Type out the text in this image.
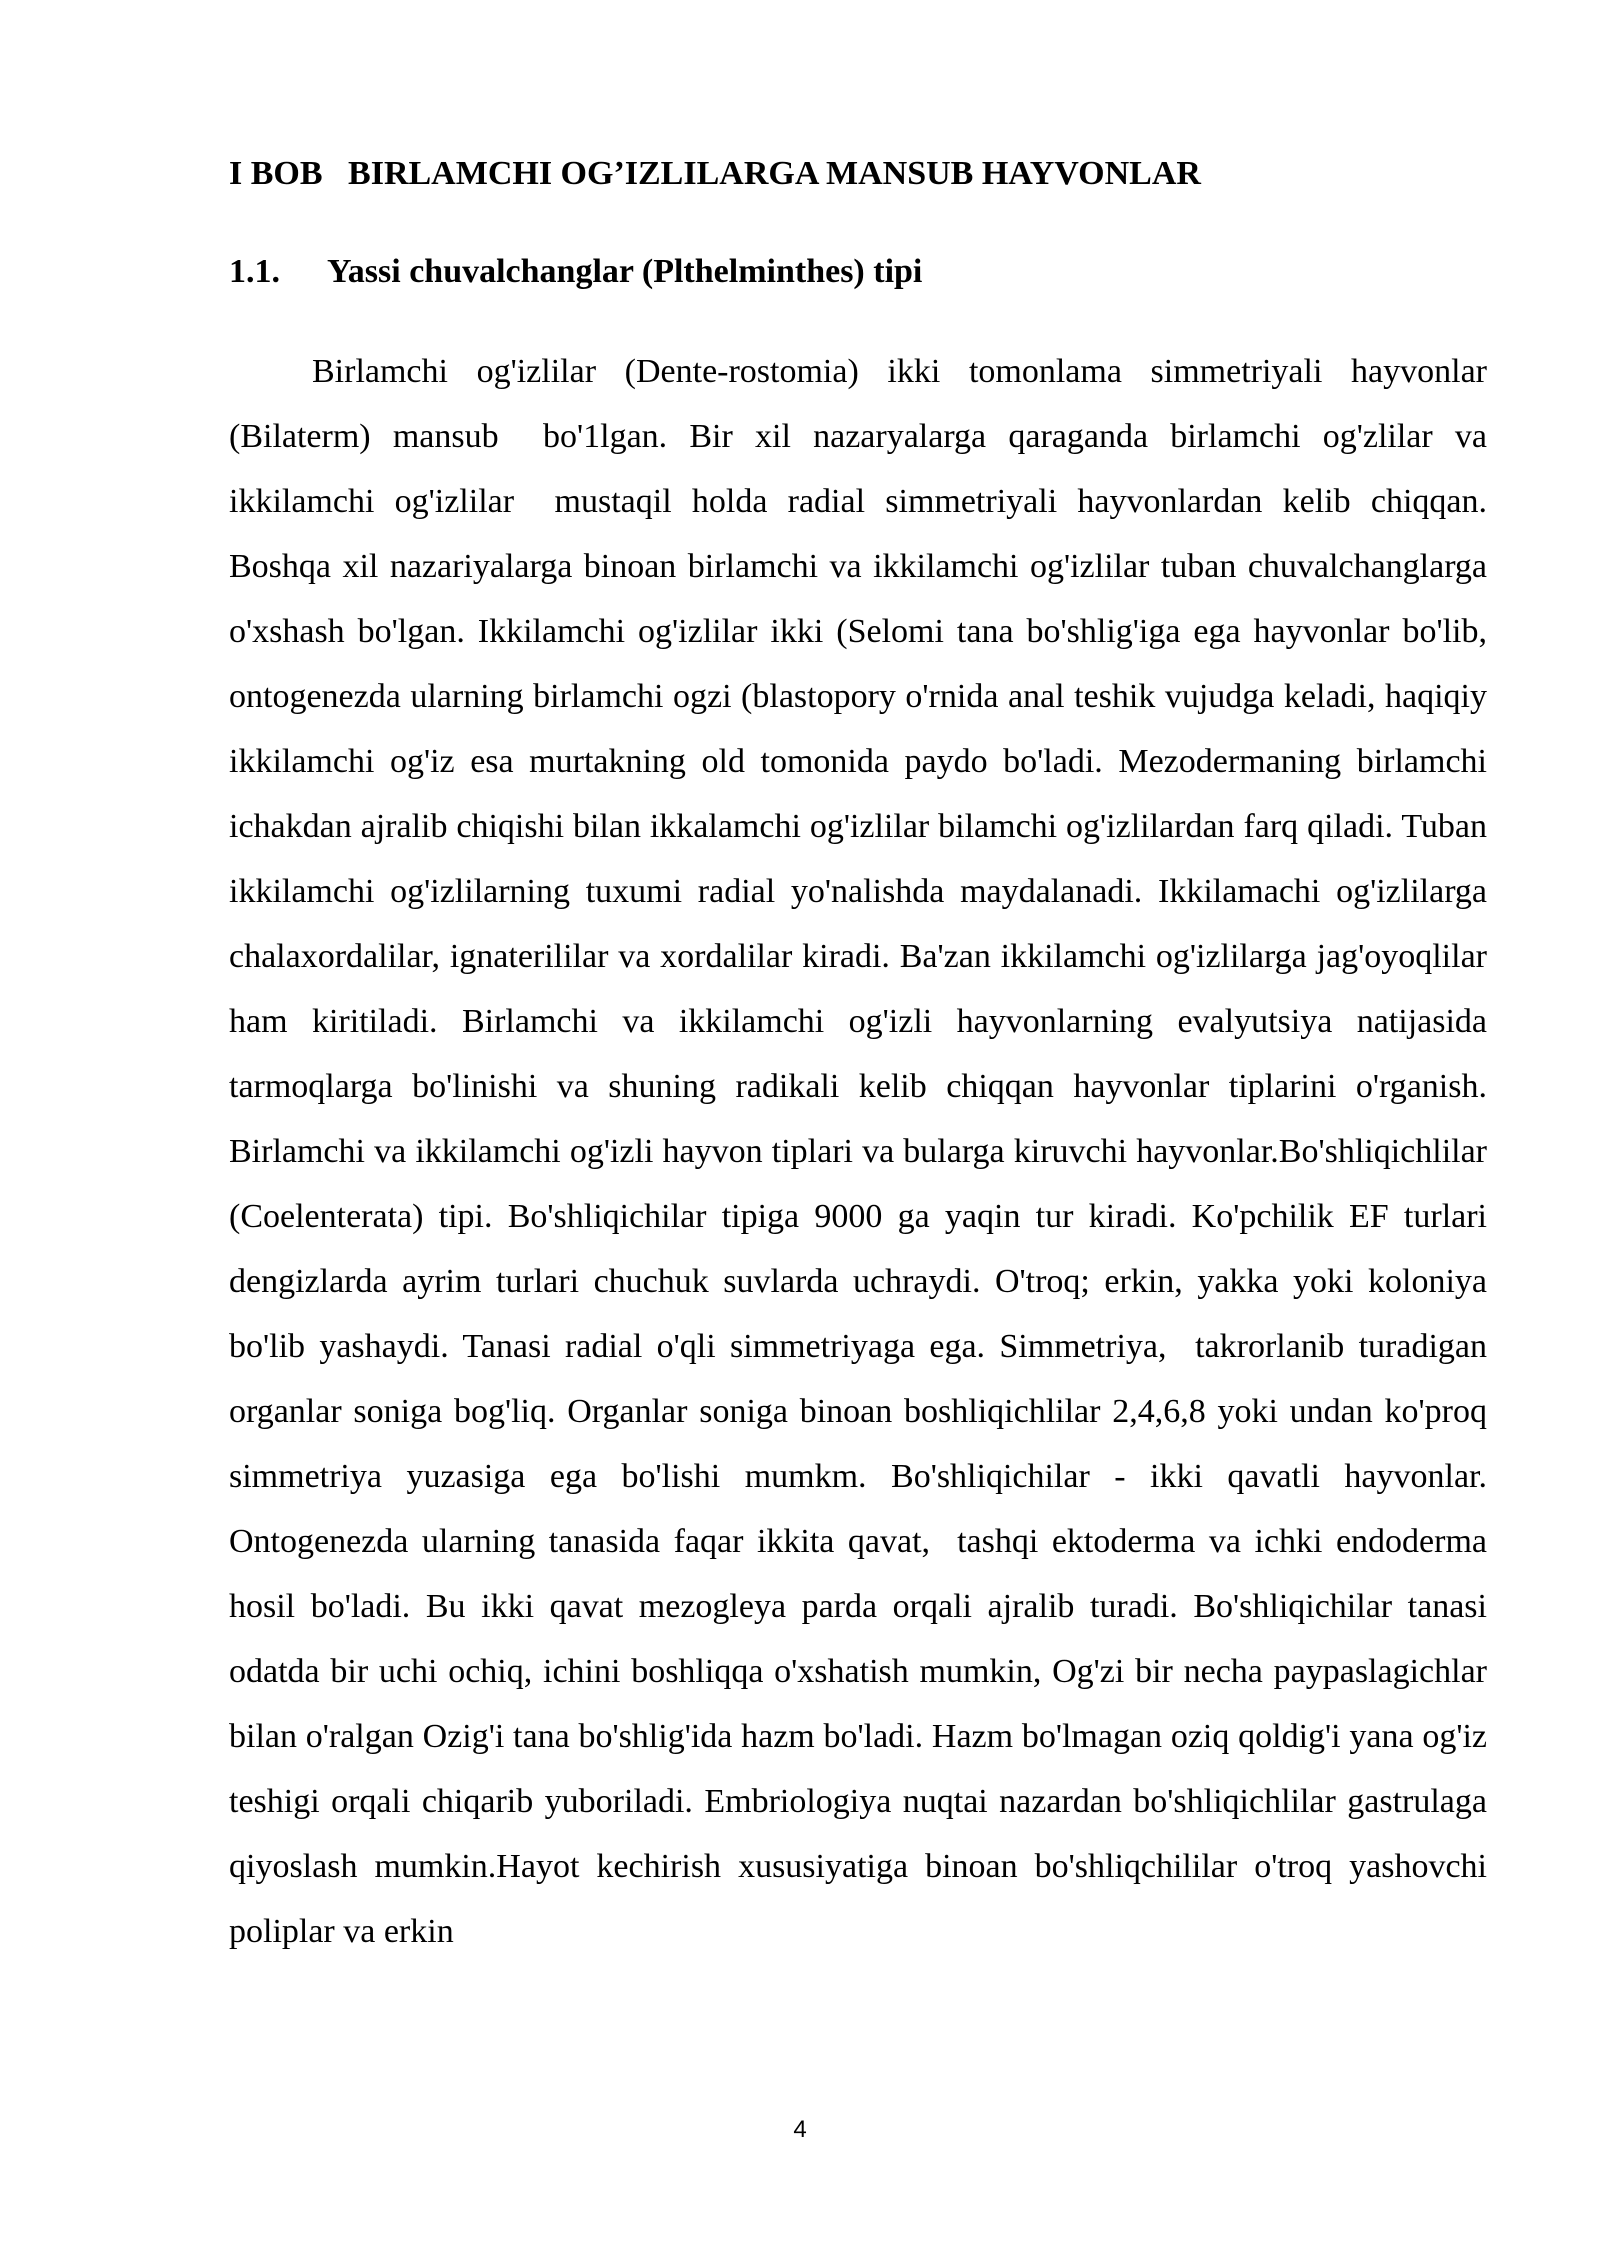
I BOB   BIRLAMCHI OG’IZLILARGA MANSUB HAYVONLAR
1.1.	Yassi chuvalchanglar (Plthelminthes) tipi

Birlamchi og'izlilar (Dente-rostomia) ikki tomonlama simmetriyali hayvonlar (Bilaterm) mansub  bo'1lgan. Bir xil nazaryalarga qaraganda birlamchi og'zlilar va ikkilamchi og'izlilar  mustaqil holda radial simmetriyali hayvonlardan kelib chiqqan. Boshqa xil nazariyalarga binoan birlamchi va ikkilamchi og'izlilar tuban chuvalchanglarga o'xshash bo'lgan. Ikkilamchi og'izlilar ikki (Selomi tana bo'shlig'iga ega hayvonlar bo'lib, ontogenezda ularning birlamchi ogzi (blastopory o'rnida anal teshik vujudga keladi, haqiqiy ikkilamchi og'iz esa murtakning old tomonida paydo bo'ladi. Mezodermaning birlamchi ichakdan ajralib chiqishi bilan ikkalamchi og'izlilar bilamchi og'izlilardan farq qiladi. Tuban ikkilamchi og'izlilarning tuxumi radial yo'nalishda maydalanadi. Ikkilamachi og'izlilarga chalaxordalilar, ignaterililar va xordalilar kiradi. Ba'zan ikkilamchi og'izlilarga jag'oyoqlilar ham kiritiladi. Birlamchi va ikkilamchi og'izli hayvonlarning evalyutsiya natijasida tarmoqlarga bo'linishi va shuning radikali kelib chiqqan hayvonlar tiplarini o'rganish. Birlamchi va ikkilamchi og'izli hayvon tiplari va bularga kiruvchi hayvonlar.Bo'shliqichlilar (Coelenterata) tipi. Bo'shliqichilar tipiga 9000 ga yaqin tur kiradi. Ko'pchilik EF turlari dengizlarda ayrim turlari chuchuk suvlarda uchraydi. O'troq; erkin, yakka yoki koloniya bo'lib yashaydi. Tanasi radial o'qli simmetriyaga ega. Simmetriya,  takrorlanib turadigan organlar soniga bog'liq. Organlar soniga binoan boshliqichlilar 2,4,6,8 yoki undan ko'proq simmetriya yuzasiga ega bo'lishi mumkm. Bo'shliqichilar - ikki qavatli hayvonlar. Ontogenezda ularning tanasida faqar ikkita qavat,  tashqi ektoderma va ichki endoderma hosil bo'ladi. Bu ikki qavat mezogleya parda orqali ajralib turadi. Bo'shliqichilar tanasi odatda bir uchi ochiq, ichini boshliqqa o'xshatish mumkin, Og'zi bir necha paypaslagichlar bilan o'ralgan Ozig'i tana bo'shlig'ida hazm bo'ladi. Hazm bo'lmagan oziq qoldig'i yana og'iz teshigi orqali chiqarib yuboriladi. Embriologiya nuqtai nazardan bo'shliqichlilar gastrulaga qiyoslash mumkin.Hayot kechirish xususiyatiga binoan bo'shliqchililar o'troq yashovchi poliplar va erkin

4
